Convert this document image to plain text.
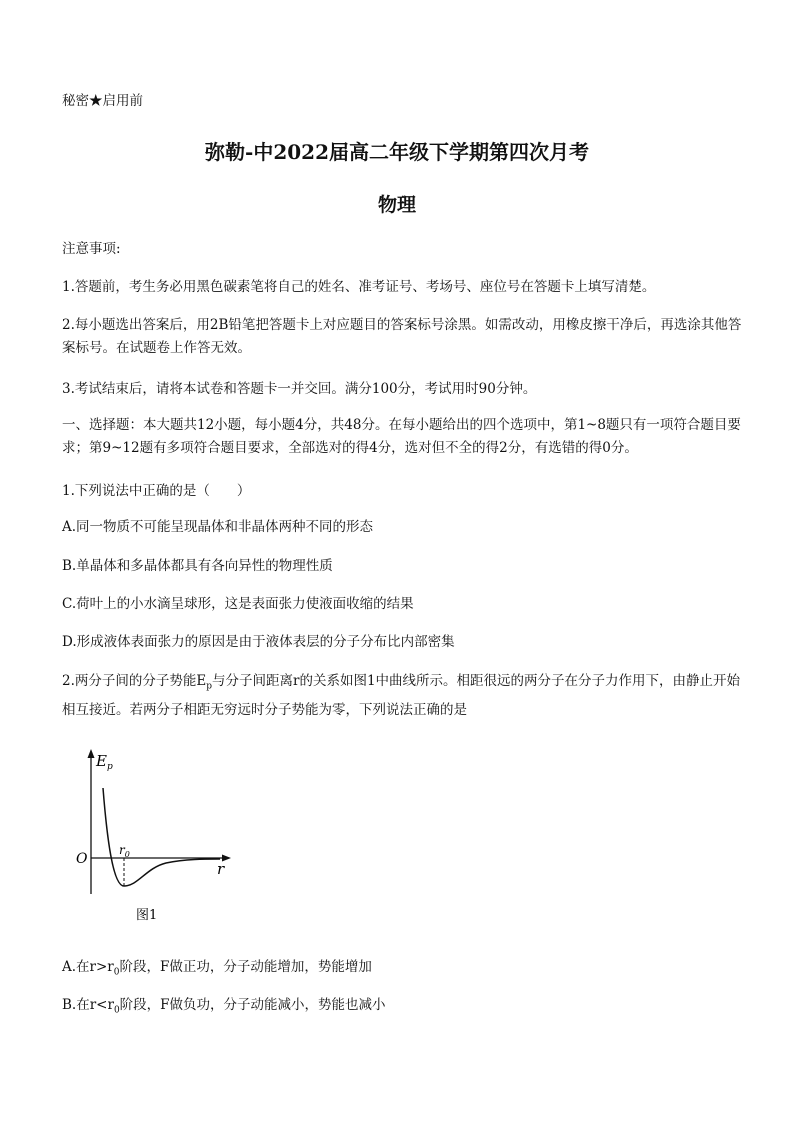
秘密★启用前
弥勒-中2022届高二年级下学期第四次月考
物理
注意事项:
1.答题前，考生务必用黑色碳素笔将自己的姓名、准考证号、考场号、座位号在答题卡上填写清楚。
2.每小题选出答案后，用2B铅笔把答题卡上对应题目的答案标号涂黑。如需改动，用橡皮擦干净后，再选涂其他答案标号。在试题卷上作答无效。
3.考试结束后，请将本试卷和答题卡一并交回。满分100分，考试用时90分钟。
一、选择题：本大题共12小题，每小题4分，共48分。在每小题给出的四个选项中，第1~8题只有一项符合题目要求；第9~12题有多项符合题目要求，全部选对的得4分，选对但不全的得2分，有选错的得0分。
1.下列说法中正确的是（　　）
A.同一物质不可能呈现晶体和非晶体两种不同的形态
B.单晶体和多晶体都具有各向异性的物理性质
C.荷叶上的小水滴呈球形，这是表面张力使液面收缩的结果
D.形成液体表面张力的原因是由于液体表层的分子分布比内部密集
2.两分子间的分子势能$E_p$与分子间距离r的关系如图1中曲线所示。相距很远的两分子在分子力作用下，由静止开始相互接近。若两分子相距无穷远时分子势能为零，下列说法正确的是
$E_p$
O
$r_0$
r
图1
A.在$r>r_0$阶段，F做正功，分子动能增加，势能增加
B.在$r<r_0$阶段，F做负功，分子动能减小，势能也减小
